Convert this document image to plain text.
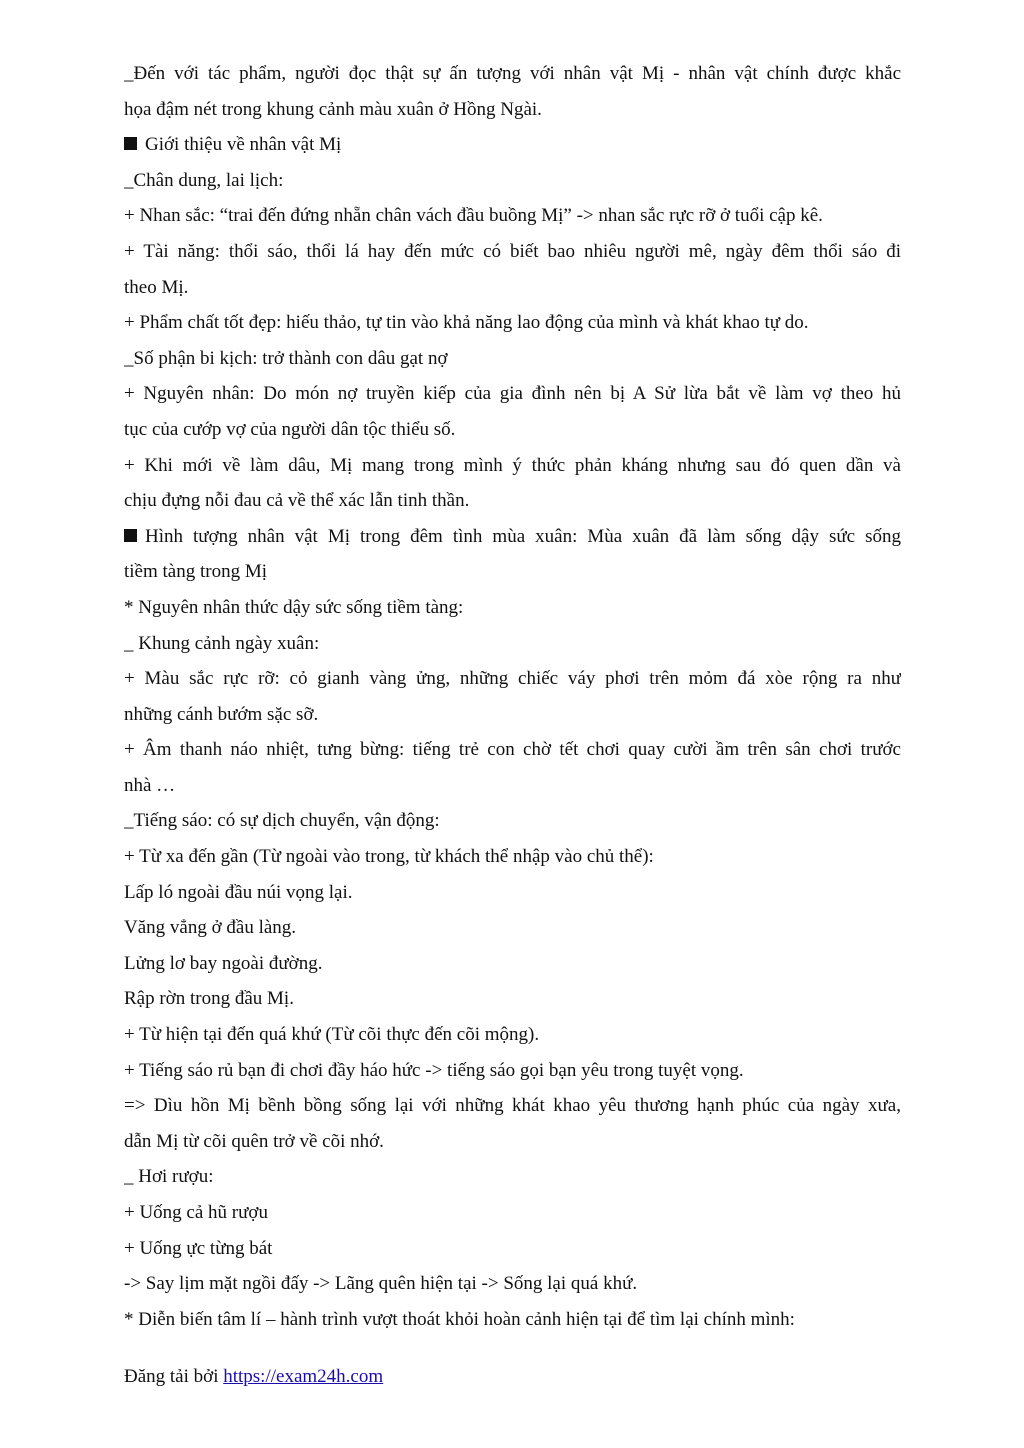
_Đến với tác phẩm, người đọc thật sự ấn tượng với nhân vật Mị - nhân vật chính được khắc
họa đậm nét trong khung cảnh màu xuân ở Hồng Ngài.
Giới thiệu về nhân vật Mị
_Chân dung, lai lịch:
+ Nhan sắc: “trai đến đứng nhẵn chân vách đầu buồng Mị” -> nhan sắc rực rỡ ở tuổi cập kê.
+ Tài năng: thổi sáo, thổi lá hay đến mức có biết bao nhiêu người mê, ngày đêm thổi sáo đi
theo Mị.
+ Phẩm chất tốt đẹp: hiếu thảo, tự tin vào khả năng lao động của mình và khát khao tự do.
_Số phận bi kịch: trở thành con dâu gạt nợ
+ Nguyên nhân: Do món nợ truyền kiếp của gia đình nên bị A Sử lừa bắt về làm vợ theo hủ
tục của cướp vợ của người dân tộc thiểu số.
+ Khi mới về làm dâu, Mị mang trong mình ý thức phản kháng nhưng sau đó quen dần và
chịu đựng nỗi đau cả về thể xác lẫn tinh thần.
Hình tượng nhân vật Mị trong đêm tình mùa xuân: Mùa xuân đã làm sống dậy sức sống
tiềm tàng trong Mị
* Nguyên nhân thức dậy sức sống tiềm tàng:
_ Khung cảnh ngày xuân:
+ Màu sắc rực rỡ: cỏ gianh vàng ửng, những chiếc váy phơi trên mỏm đá xòe rộng ra như
những cánh bướm sặc sỡ.
+ Âm thanh náo nhiệt, tưng bừng: tiếng trẻ con chờ tết chơi quay cười ầm trên sân chơi trước
nhà …
_Tiếng sáo: có sự dịch chuyển, vận động:
+ Từ xa đến gần (Từ ngoài vào trong, từ khách thể nhập vào chủ thể):
Lấp ló ngoài đầu núi vọng lại.
Văng vẳng ở đầu làng.
Lửng lơ bay ngoài đường.
Rập rờn trong đầu Mị.
+ Từ hiện tại đến quá khứ (Từ cõi thực đến cõi mộng).
+ Tiếng sáo rủ bạn đi chơi đầy háo hức -> tiếng sáo gọi bạn yêu trong tuyệt vọng.
=> Dìu hồn Mị bềnh bồng sống lại với những khát khao yêu thương hạnh phúc của ngày xưa,
dẫn Mị từ cõi quên trở về cõi nhớ.
_ Hơi rượu:
+ Uống cả hũ rượu
+ Uống ực từng bát
-> Say lịm mặt ngồi đấy -> Lãng quên hiện tại -> Sống lại quá khứ.
* Diễn biến tâm lí – hành trình vượt thoát khỏi hoàn cảnh hiện tại để tìm lại chính mình:
Đăng tải bởi https://exam24h.com
